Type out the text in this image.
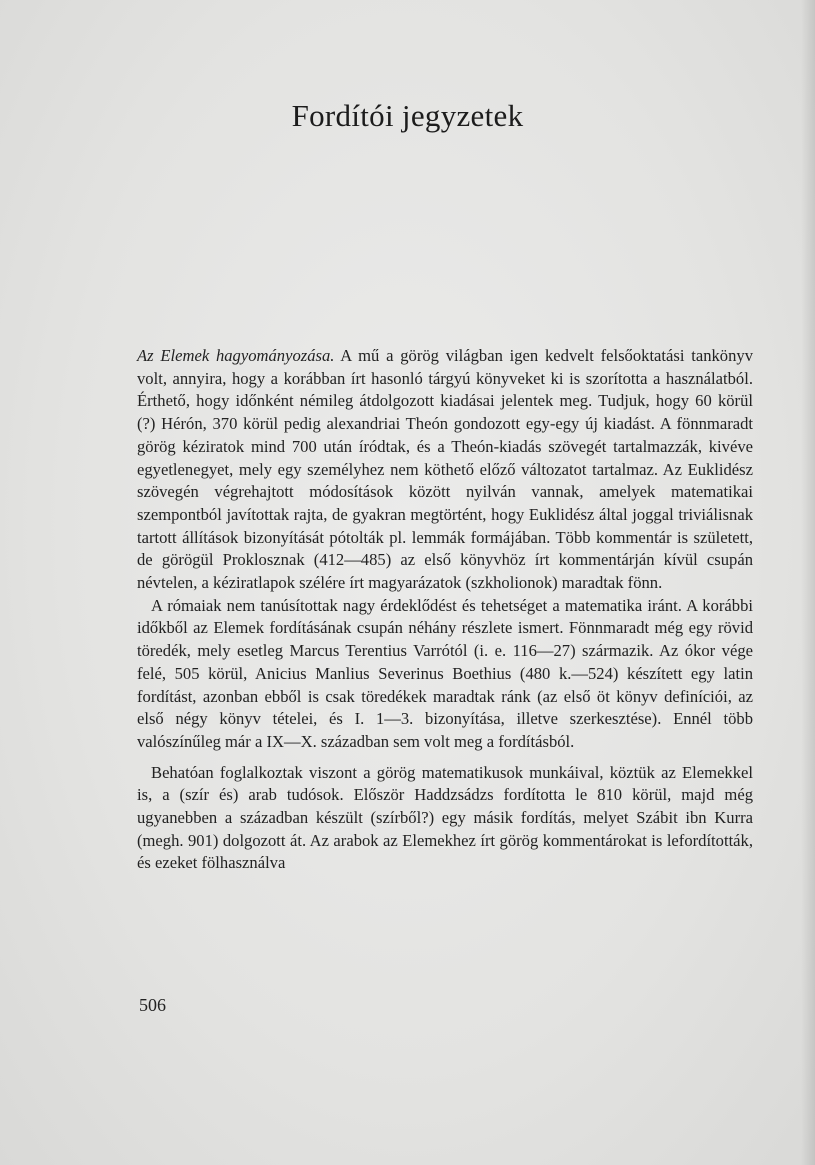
Fordítói jegyzetek

Az Elemek hagyományozása. A mű a görög világban igen kedvelt felsőoktatási tankönyv volt, annyira, hogy a korábban írt hasonló tárgyú könyveket ki is szorította a használatból. Érthető, hogy időnként némileg átdolgozott kiadásai jelentek meg. Tudjuk, hogy 60 körül (?) Hérón, 370 körül pedig alexandriai Theón gondozott egy-egy új kiadást. A fönnmaradt görög kéziratok mind 700 után íródtak, és a Theón-kiadás szövegét tartalmazzák, kivéve egyetlenegyet, mely egy személyhez nem köthető előző változatot tartalmaz. Az Euklidész szövegén végrehajtott módosítások között nyilván vannak, amelyek matematikai szempontból javítottak rajta, de gyakran megtörtént, hogy Euklidész által joggal triviálisnak tartott állítások bizonyítását pótolták pl. lemmák formájában. Több kommentár is született, de görögül Proklosznak (412—485) az első könyvhöz írt kommentárján kívül csupán névtelen, a kéziratlapok szélére írt magyarázatok (szkholionok) maradtak fönn.

A rómaiak nem tanúsítottak nagy érdeklődést és tehetséget a matematika iránt. A korábbi időkből az Elemek fordításának csupán néhány részlete ismert. Fönnmaradt még egy rövid töredék, mely esetleg Marcus Terentius Varrótól (i. e. 116—27) származik. Az ókor vége felé, 505 körül, Anicius Manlius Severinus Boethius (480 k.—524) készített egy latin fordítást, azonban ebből is csak töredékek maradtak ránk (az első öt könyv definíciói, az első négy könyv tételei, és I. 1—3. bizonyítása, illetve szerkesztése). Ennél több valószínűleg már a IX—X. században sem volt meg a fordításból.

Behatóan foglalkoztak viszont a görög matematikusok munkáival, köztük az Elemekkel is, a (szír és) arab tudósok. Először Haddzsádzs fordította le 810 körül, majd még ugyanebben a században készült (szírből?) egy másik fordítás, melyet Szábit ibn Kurra (megh. 901) dolgozott át. Az arabok az Elemekhez írt görög kommentárokat is lefordították, és ezeket fölhasználva

506
